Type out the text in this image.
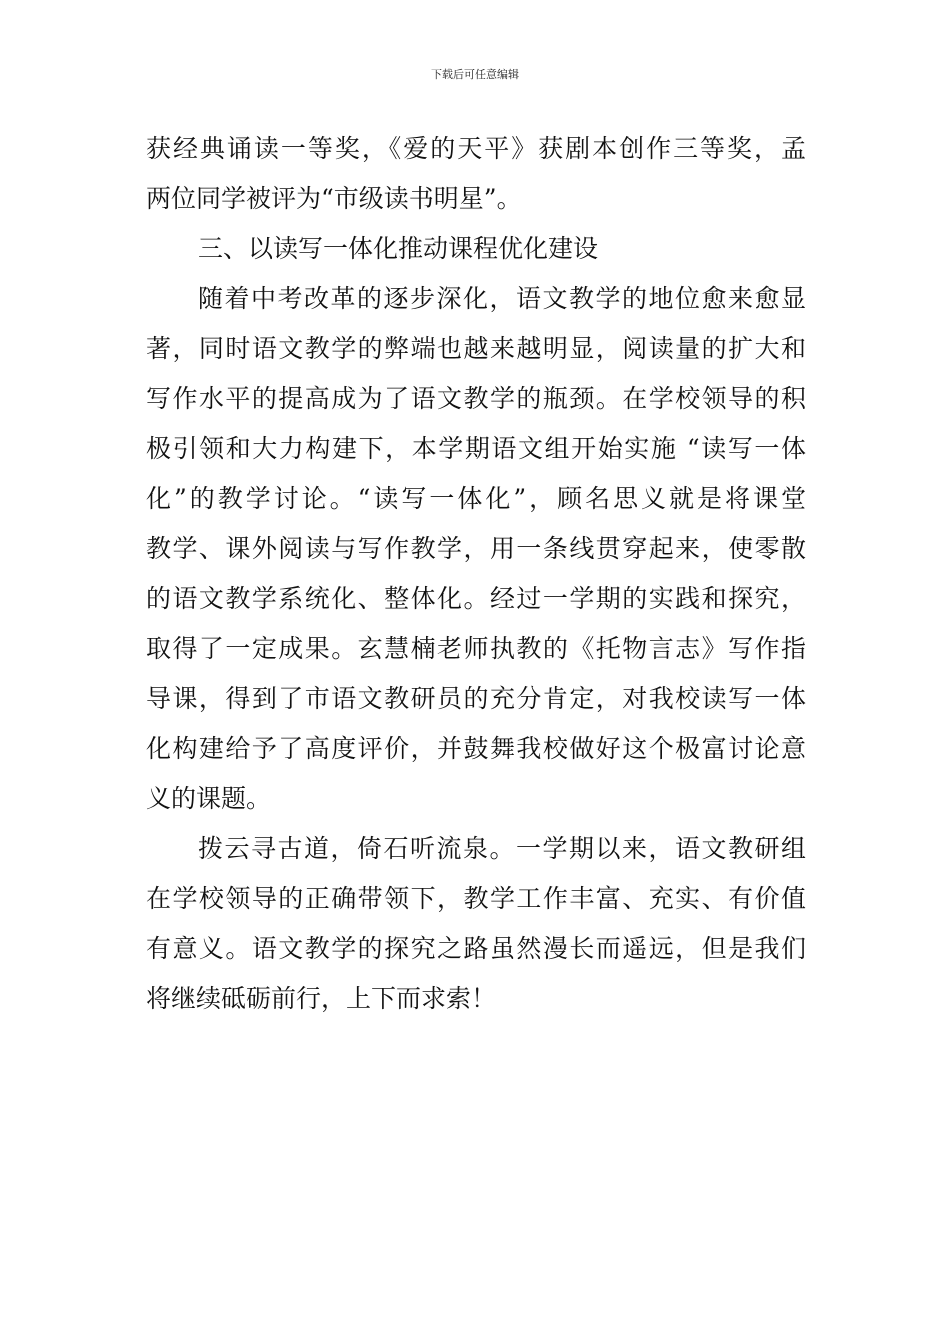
下载后可任意编辑
获经典诵读一等奖，《爱的天平》获剧本创作三等奖，孟
两位同学被评为“市级读书明星”。
三、以读写一体化推动课程优化建设
随着中考改革的逐步深化，语文教学的地位愈来愈显
著，同时语文教学的弊端也越来越明显，阅读量的扩大和
写作水平的提高成为了语文教学的瓶颈。在学校领导的积
极引领和大力构建下，本学期语文组开始实施 “读写一体
化”的教学讨论。“读写一体化”，顾名思义就是将课堂
教学、课外阅读与写作教学，用一条线贯穿起来，使零散
的语文教学系统化、整体化。经过一学期的实践和探究，
取得了一定成果。玄慧楠老师执教的《托物言志》写作指
导课，得到了市语文教研员的充分肯定，对我校读写一体
化构建给予了高度评价，并鼓舞我校做好这个极富讨论意
义的课题。
拨云寻古道，倚石听流泉。一学期以来，语文教研组
在学校领导的正确带领下，教学工作丰富、充实、有价值
有意义。语文教学的探究之路虽然漫长而遥远，但是我们
将继续砥砺前行，上下而求索！
